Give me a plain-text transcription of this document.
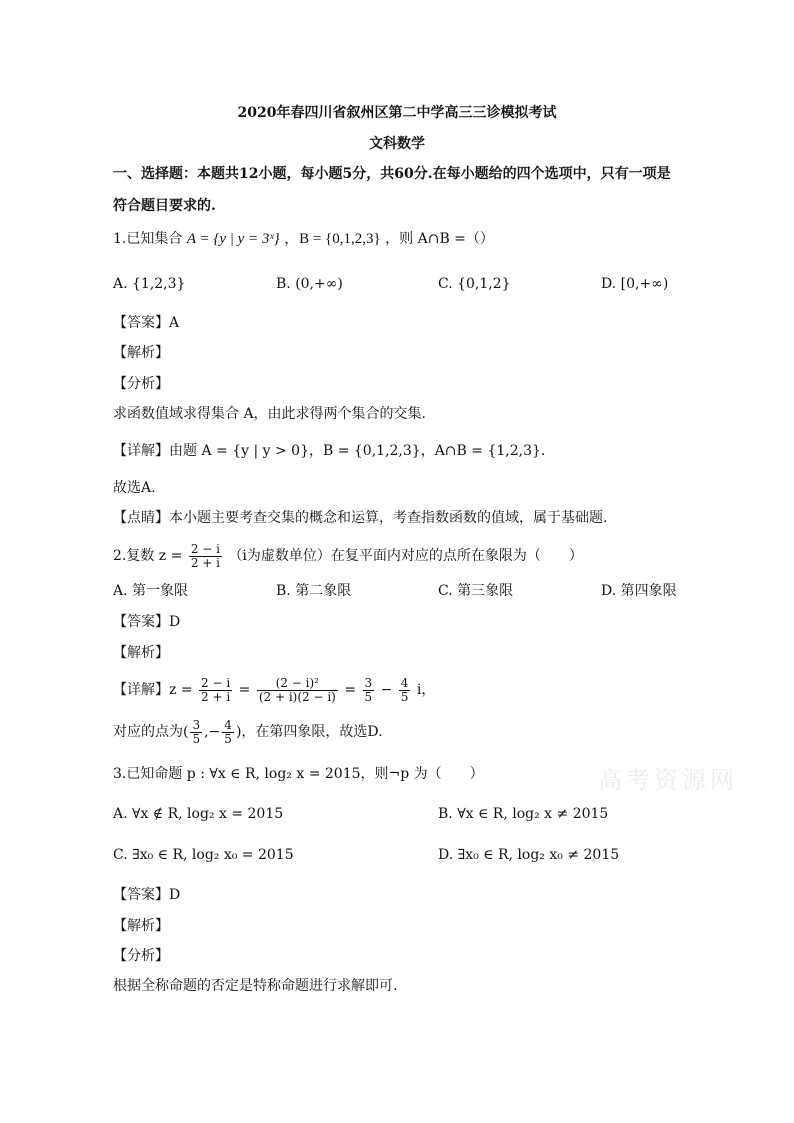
高考资源网
2020年春四川省叙州区第二中学高三三诊模拟考试
文科数学
一、选择题：本题共12小题，每小题5分，共60分.在每小题给的四个选项中，只有一项是
符合题目要求的.
1.已知集合 A = {y | y = 3ˣ} ，B = {0,1,2,3} ，则 A∩B =（）
A. {1,2,3}	B. (0,+∞)	C. {0,1,2}	D. [0,+∞)
【答案】A
【解析】
【分析】
求函数值域求得集合 A，由此求得两个集合的交集.
【详解】由题 A = {y | y > 0}，B = {0,1,2,3}，A∩B = {1,2,3}.
故选A.
【点睛】本小题主要考查交集的概念和运算，考查指数函数的值域，属于基础题.
2.复数 $z = \frac{2 - i}{2 + i} (i$为虚数单位）在复平面内对应的点所在象限为（　　）
A. 第一象限	B. 第二象限	C. 第三象限	D. 第四象限
【答案】D
【解析】
【详解】$z = \frac{2 - i}{2 + i} = \frac{\text{(2 − i)²}}{(2 + i)(2 - i)} = \frac{3}{5} - \frac{4}{5}$ i，
对应的点为( $\frac{3}{5}$ ,− $\frac{4}{5}$ )，在第四象限，故选D.
3.已知命题 p : ∀x ∈ R, log₂ x = 2015，则¬p 为（　　）
A. ∀x ∉ R, log₂ x = 2015	B. ∀x ∈ R, log₂ x ≠ 2015
C. ∃x₀ ∈ R, log₂ x₀ = 2015	D. ∃x₀ ∈ R, log₂ x₀ ≠ 2015
【答案】D
【解析】
【分析】
根据全称命题的否定是特称命题进行求解即可.
